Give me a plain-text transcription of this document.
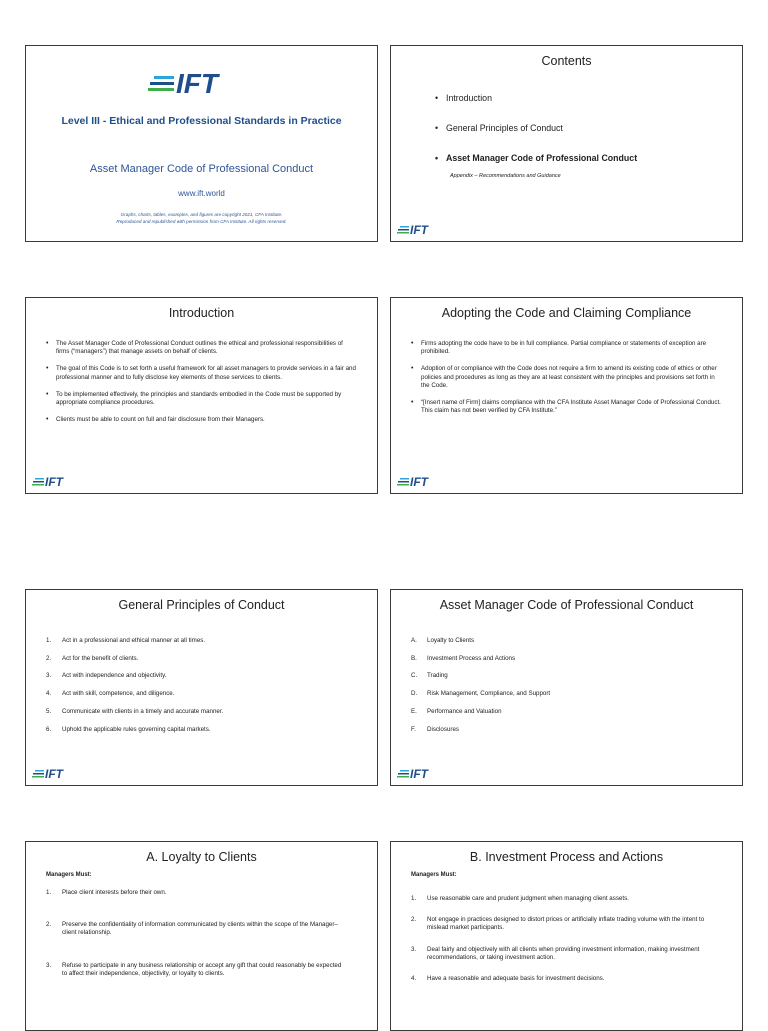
IFT
Level III - Ethical and Professional Standards in Practice
Asset Manager Code of Professional Conduct
www.ift.world
Graphs, charts, tables, examples, and figures are copyright 2021, CFA Institute.
Reproduced and republished with permission from CFA Institute. All rights reserved.
Contents
• Introduction
• General Principles of Conduct
• Asset Manager Code of Professional Conduct
Appendix – Recommendations and Guidance
IFT
Introduction
• The Asset Manager Code of Professional Conduct outlines the ethical and professional responsibilities of firms (“managers”) that manage assets on behalf of clients.
• The goal of this Code is to set forth a useful framework for all asset managers to provide services in a fair and professional manner and to fully disclose key elements of those services to clients.
• To be implemented effectively, the principles and standards embodied in the Code must be supported by appropriate compliance procedures.
• Clients must be able to count on full and fair disclosure from their Managers.
IFT
Adopting the Code and Claiming Compliance
• Firms adopting the code have to be in full compliance. Partial compliance or statements of exception are prohibited.
• Adoption of or compliance with the Code does not require a firm to amend its existing code of ethics or other policies and procedures as long as they are at least consistent with the principles and provisions set forth in the Code.
• “[Insert name of Firm] claims compliance with the CFA Institute Asset Manager Code of Professional Conduct. This claim has not been verified by CFA Institute.”
IFT
General Principles of Conduct
1. Act in a professional and ethical manner at all times.
2. Act for the benefit of clients.
3. Act with independence and objectivity.
4. Act with skill, competence, and diligence.
5. Communicate with clients in a timely and accurate manner.
6. Uphold the applicable rules governing capital markets.
IFT
Asset Manager Code of Professional Conduct
A. Loyalty to Clients
B. Investment Process and Actions
C. Trading
D. Risk Management, Compliance, and Support
E. Performance and Valuation
F. Disclosures
IFT
A. Loyalty to Clients
Managers Must:
1. Place client interests before their own.
2. Preserve the confidentiality of information communicated by clients within the scope of the Manager–client relationship.
3. Refuse to participate in any business relationship or accept any gift that could reasonably be expected to affect their independence, objectivity, or loyalty to clients.
B. Investment Process and Actions
Managers Must:
1. Use reasonable care and prudent judgment when managing client assets.
2. Not engage in practices designed to distort prices or artificially inflate trading volume with the intent to mislead market participants.
3. Deal fairly and objectively with all clients when providing investment information, making investment recommendations, or taking investment action.
4. Have a reasonable and adequate basis for investment decisions.
